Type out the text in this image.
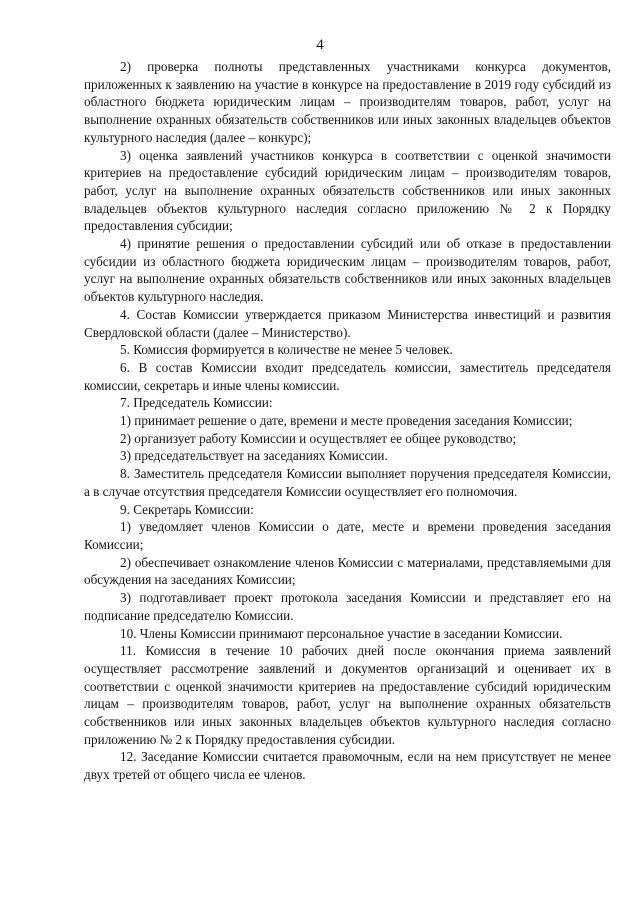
4

2) проверка полноты представленных участниками конкурса документов, приложенных к заявлению на участие в конкурсе на предоставление в 2019 году субсидий из областного бюджета юридическим лицам – производителям товаров, работ, услуг на выполнение охранных обязательств собственников или иных законных владельцев объектов культурного наследия (далее – конкурс);

3) оценка заявлений участников конкурса в соответствии с оценкой значимости критериев на предоставление субсидий юридическим лицам – производителям товаров, работ, услуг на выполнение охранных обязательств собственников или иных законных владельцев объектов культурного наследия согласно приложению № 2 к Порядку предоставления субсидии;

4) принятие решения о предоставлении субсидий или об отказе в предоставлении субсидии из областного бюджета юридическим лицам – производителям товаров, работ, услуг на выполнение охранных обязательств собственников или иных законных владельцев объектов культурного наследия.

4. Состав Комиссии утверждается приказом Министерства инвестиций и развития Свердловской области (далее – Министерство).

5. Комиссия формируется в количестве не менее 5 человек.

6. В состав Комиссии входит председатель комиссии, заместитель председателя комиссии, секретарь и иные члены комиссии.

7. Председатель Комиссии:

1) принимает решение о дате, времени и месте проведения заседания Комиссии;

2) организует работу Комиссии и осуществляет ее общее руководство;

3) председательствует на заседаниях Комиссии.

8. Заместитель председателя Комиссии выполняет поручения председателя Комиссии, а в случае отсутствия председателя Комиссии осуществляет его полномочия.

9. Секретарь Комиссии:

1) уведомляет членов Комиссии о дате, месте и времени проведения заседания Комиссии;

2) обеспечивает ознакомление членов Комиссии с материалами, представляемыми для обсуждения на заседаниях Комиссии;

3) подготавливает проект протокола заседания Комиссии и представляет его на подписание председателю Комиссии.

10. Члены Комиссии принимают персональное участие в заседании Комиссии.

11. Комиссия в течение 10 рабочих дней после окончания приема заявлений осуществляет рассмотрение заявлений и документов организаций и оценивает их в соответствии с оценкой значимости критериев на предоставление субсидий юридическим лицам – производителям товаров, работ, услуг на выполнение охранных обязательств собственников или иных законных владельцев объектов культурного наследия согласно приложению № 2 к Порядку предоставления субсидии.

12. Заседание Комиссии считается правомочным, если на нем присутствует не менее двух третей от общего числа ее членов.
